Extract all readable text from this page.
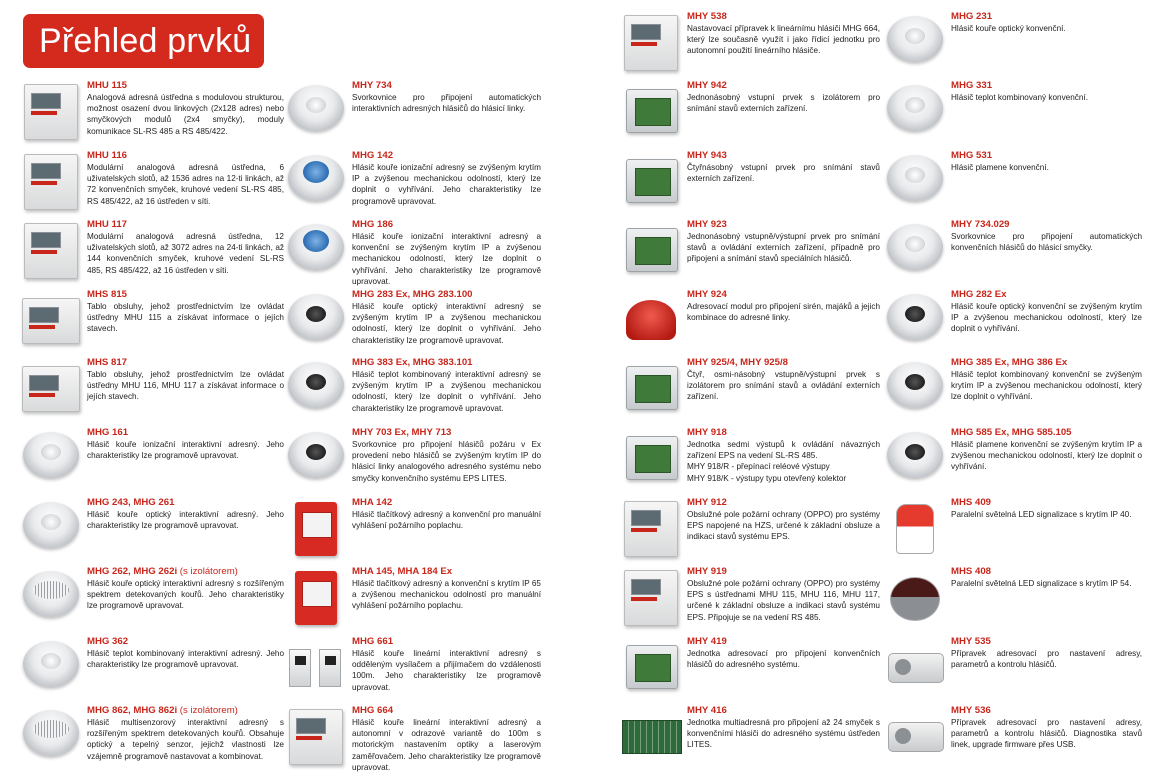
Přehled prvků
MHU 115
Analogová adresná ústředna s modulovou strukturou, možnost osazení dvou linkových (2x128 adres) nebo smyčkových modulů (2x4 smyčky), moduly komunikace SL-RS 485 a RS 485/422.
MHU 116
Modulární analogová adresná ústředna, 6 uživatelských slotů, až 1536 adres na 12-ti linkách, až 72 konvenčních smyček, kruhové vedení SL-RS 485, RS 485/422, až 16 ústředen v síti.
MHU 117
Modulární analogová adresná ústředna, 12 uživatelských slotů, až 3072 adres na 24-ti linkách, až 144 konvenčních smyček, kruhové vedení SL-RS 485, RS 485/422, až 16 ústředen v síti.
MHS 815
Tablo obsluhy, jehož prostřednictvím lze ovládat ústředny MHU 115 a získávat informace o jejích stavech.
MHS 817
Tablo obsluhy, jehož prostřednictvím lze ovládat ústředny MHU 116, MHU 117 a získávat informace o jejích stavech.
MHG 161
Hlásič kouře ionizační interaktivní adresný. Jeho charakteristiky lze programově upravovat.
MHG 243, MHG 261
Hlásič kouře optický interaktivní adresný. Jeho charakteristiky lze programově upravovat.
MHG 262, MHG 262i (s izolátorem)
Hlásič kouře optický interaktivní adresný s rozšířeným spektrem detekovaných kouřů. Jeho charakteristiky lze programově upravovat.
MHG 362
Hlásič teplot kombinovaný interaktivní adresný. Jeho charakteristiky lze programově upravovat.
MHG 862, MHG 862i (s izolátorem)
Hlásič multisenzorový interaktivní adresný s rozšířeným spektrem detekovaných kouřů. Obsahuje optický a tepelný senzor, jejichž vlastnosti lze vzájemně programově nastavovat a kombinovat.
MHY 734
Svorkovnice pro připojení automatických interaktivních adresných hlásičů do hlásicí linky.
MHG 142
Hlásič kouře ionizační adresný se zvýšeným krytím IP a zvýšenou mechanickou odolností, který lze doplnit o vyhřívání. Jeho charakteristiky lze programově upravovat.
MHG 186
Hlásič kouře ionizační interaktivní adresný a konvenční se zvýšeným krytím IP a zvýšenou mechanickou odolností, který lze doplnit o vyhřívání. Jeho charakteristiky lze programově upravovat.
MHG 283 Ex, MHG 283.100
Hlásič kouře optický interaktivní adresný se zvýšeným krytím IP a zvýšenou mechanickou odolností, který lze doplnit o vyhřívání. Jeho charakteristiky lze programově upravovat.
MHG 383 Ex, MHG 383.101
Hlásič teplot kombinovaný interaktivní adresný se zvýšeným krytím IP a zvýšenou mechanickou odolností, který lze doplnit o vyhřívání. Jeho charakteristiky lze programově upravovat.
MHY 703 Ex, MHY 713
Svorkovnice pro připojení hlásičů požáru v Ex provedení nebo hlásičů se zvýšeným krytím IP do hlásicí linky analogového adresného systému nebo smyčky konvenčního systému EPS LITES.
MHA 142
Hlásič tlačítkový adresný a konvenční pro manuální vyhlášení požárního poplachu.
MHA 145, MHA 184 Ex
Hlásič tlačítkový adresný a konvenční s krytím IP 65 a zvýšenou mechanickou odolností pro manuální vyhlášení požárního poplachu.
MHG 661
Hlásič kouře lineární interaktivní adresný s odděleným vysílačem a přijímačem do vzdálenosti 100m. Jeho charakteristiky lze programově upravovat.
MHG 664
Hlásič kouře lineární interaktivní adresný a autonomní v odrazové variantě do 100m s motorickým nastavením optiky a laserovým zaměřovačem. Jeho charakteristiky lze programově upravovat.
MHY 538
Nastavovací přípravek k lineárnímu hlásiči MHG 664, který lze současně využít i jako řídicí jednotku pro autonomní použití lineárního hlásiče.
MHY 942
Jednonásobný vstupní prvek s izolátorem pro snímání stavů externích zařízení.
MHY 943
Čtyřnásobný vstupní prvek pro snímání stavů externích zařízení.
MHY 923
Jednonásobný vstupně/výstupní prvek pro snímání stavů a ovládání externích zařízení, případně pro připojení a snímání stavů speciálních hlásičů.
MHY 924
Adresovací modul pro připojení sirén, majáků a jejich kombinace do adresné linky.
MHY 925/4, MHY 925/8
Čtyř, osmi-násobný vstupně/výstupní prvek s izolátorem pro snímání stavů a ovládání externích zařízení.
MHY 918
Jednotka sedmi výstupů k ovládání návazných zařízení EPS na vedení SL-RS 485.
MHY 918/R - přepínací reléové výstupy
MHY 918/K - výstupy typu otevřený kolektor
MHY 912
Obslužné pole požární ochrany (OPPO) pro systémy EPS napojené na HZS, určené k základní obsluze a indikaci stavů systému EPS.
MHY 919
Obslužné pole požární ochrany (OPPO) pro systémy EPS s ústřednami MHU 115, MHU 116, MHU 117, určené k základní obsluze a indikaci stavů systému EPS. Připojuje se na vedení RS 485.
MHY 419
Jednotka adresovací pro připojení konvenčních hlásičů do adresného systému.
MHY 416
Jednotka multiadresná pro připojení až 24 smyček s konvenčními hlásiči do adresného systému ústředen LITES.
MHG 231
Hlásič kouře optický konvenční.
MHG 331
Hlásič teplot kombinovaný konvenční.
MHG 531
Hlásič plamene konvenční.
MHY 734.029
Svorkovnice pro připojení automatických konvenčních hlásičů do hlásicí smyčky.
MHG 282 Ex
Hlásič kouře optický konvenční se zvýšeným krytím IP a zvýšenou mechanickou odolností, který lze doplnit o vyhřívání.
MHG 385 Ex, MHG 386 Ex
Hlásič teplot kombinovaný konvenční se zvýšeným krytím IP a zvýšenou mechanickou odolností, který lze doplnit o vyhřívání.
MHG 585 Ex, MHG 585.105
Hlásič plamene konvenční se zvýšeným krytím IP a zvýšenou mechanickou odolností, který lze doplnit o vyhřívání.
MHS 409
Paralelní světelná LED signalizace s krytím IP 40.
MHS 408
Paralelní světelná LED signalizace s krytím IP 54.
MHY 535
Přípravek adresovací pro nastavení adresy, parametrů a kontrolu hlásičů.
MHY 536
Přípravek adresovací pro nastavení adresy, parametrů a kontrolu hlásičů. Diagnostika stavů linek, upgrade firmware přes USB.
